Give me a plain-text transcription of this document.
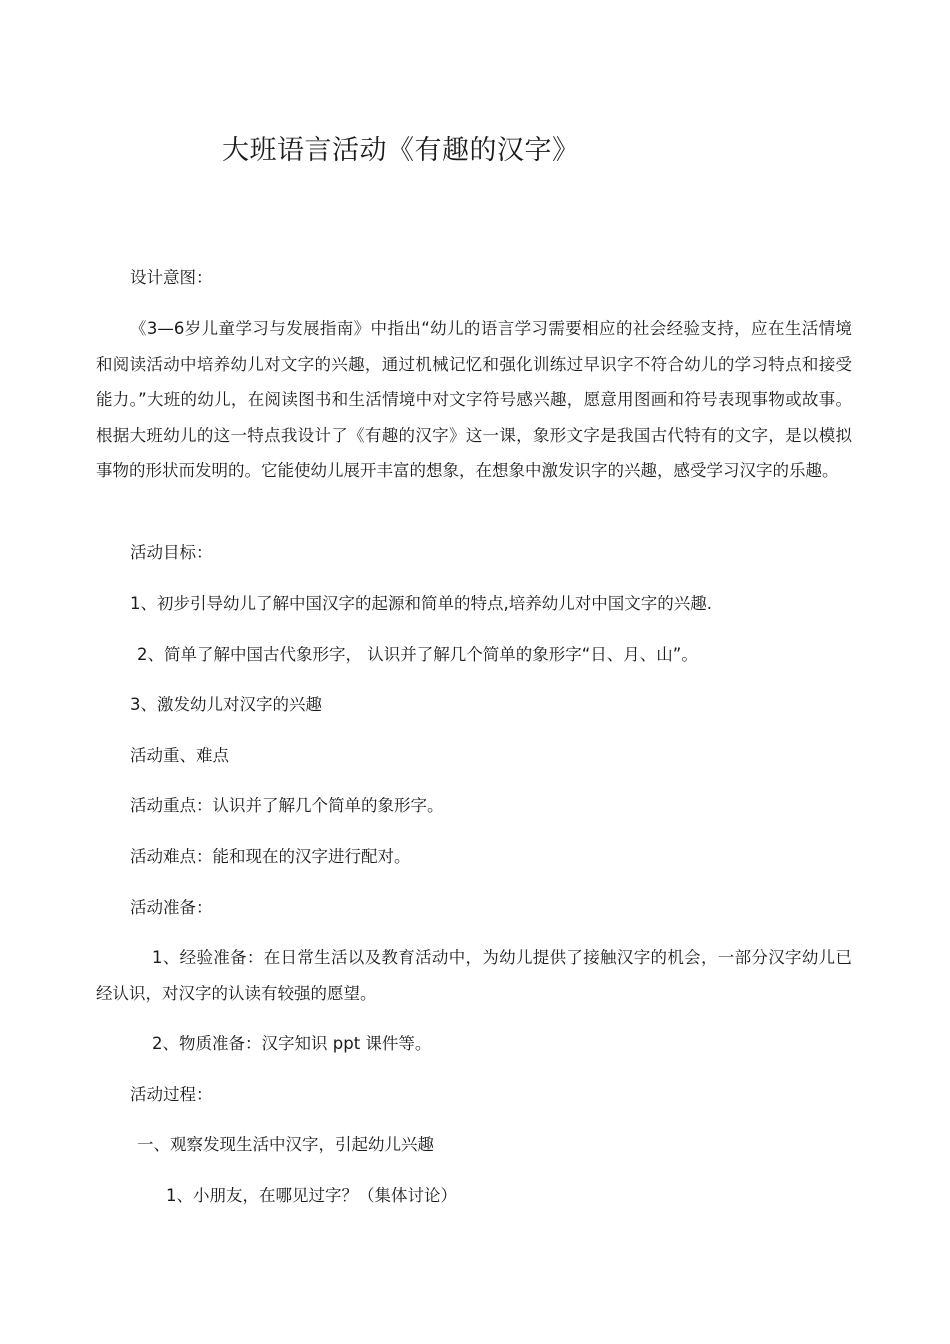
大班语言活动《有趣的汉字》
设计意图：
《3—6岁儿童学习与发展指南》中指出“幼儿的语言学习需要相应的社会经验支持，应在生活情境和阅读活动中培养幼儿对文字的兴趣，通过机械记忆和强化训练过早识字不符合幼儿的学习特点和接受能力。”大班的幼儿，在阅读图书和生活情境中对文字符号感兴趣，愿意用图画和符号表现事物或故事。根据大班幼儿的这一特点我设计了《有趣的汉字》这一课，象形文字是我国古代特有的文字，是以模拟事物的形状而发明的。它能使幼儿展开丰富的想象，在想象中激发识字的兴趣，感受学习汉字的乐趣。
活动目标：
1、初步引导幼儿了解中国汉字的起源和简单的特点,培养幼儿对中国文字的兴趣.
2、简单了解中国古代象形字， 认识并了解几个简单的象形字“日、月、山”。
3、激发幼儿对汉字的兴趣
活动重、难点
活动重点：认识并了解几个简单的象形字。
活动难点：能和现在的汉字进行配对。
活动准备：
1、经验准备：在日常生活以及教育活动中，为幼儿提供了接触汉字的机会，一部分汉字幼儿已经认识，对汉字的认读有较强的愿望。
2、物质准备：汉字知识 ppt 课件等。
活动过程：
一、观察发现生活中汉字，引起幼儿兴趣
1、小朋友，在哪见过字？（集体讨论）
